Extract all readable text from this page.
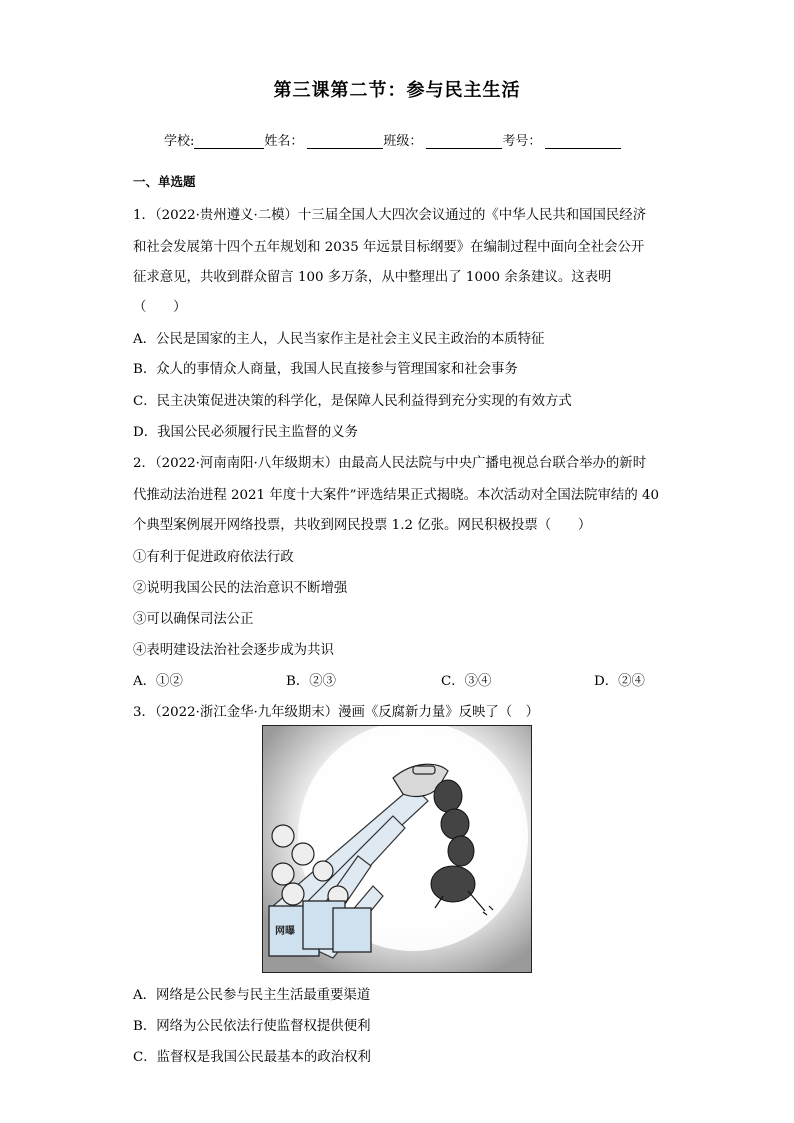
第三课第二节：参与民主生活
学校:	姓名：	班级：	考号：
一、单选题
1．（2022·贵州遵义·二模）十三届全国人大四次会议通过的《中华人民共和国国民经济
和社会发展第十四个五年规划和 2035 年远景目标纲要》在编制过程中面向全社会公开
征求意见，共收到群众留言 100 多万条，从中整理出了 1000 余条建议。这表明
（　　）
A．公民是国家的主人，人民当家作主是社会主义民主政治的本质特征
B．众人的事情众人商量，我国人民直接参与管理国家和社会事务
C．民主决策促进决策的科学化，是保障人民利益得到充分实现的有效方式
D．我国公民必须履行民主监督的义务
2．（2022·河南南阳·八年级期末）由最高人民法院与中央广播电视总台联合举办的新时
代推动法治进程 2021 年度十大案件”评选结果正式揭晓。本次活动对全国法院审结的 40
个典型案例展开网络投票，共收到网民投票 1.2 亿张。网民积极投票（　　）
①有利于促进政府依法行政
②说明我国公民的法治意识不断增强
③可以确保司法公正
④表明建设法治社会逐步成为共识
A．①②	B．②③	C．③④	D．②④
3．（2022·浙江金华·九年级期末）漫画《反腐新力量》反映了（　）
网曝
A．网络是公民参与民主生活最重要渠道
B．网络为公民依法行使监督权提供便利
C．监督权是我国公民最基本的政治权利
